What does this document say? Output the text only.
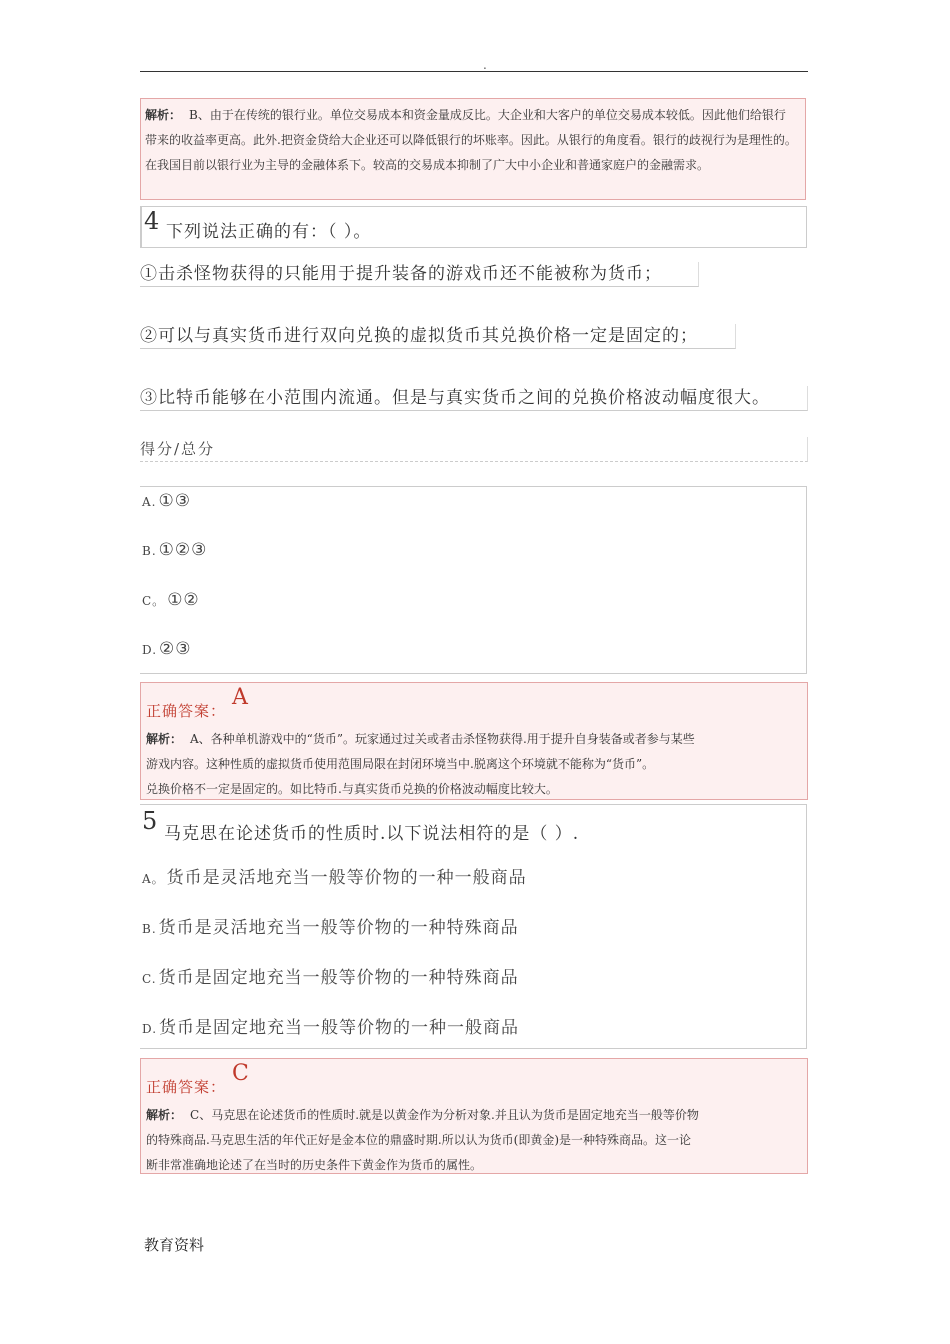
.
解析： B、由于在传统的银行业。单位交易成本和资金量成反比。大企业和大客户的单位交易成本较低。因此他们给银行带来的收益率更高。此外.把资金贷给大企业还可以降低银行的坏账率。因此。从银行的角度看。银行的歧视行为是理性的。在我国目前以银行业为主导的金融体系下。较高的交易成本抑制了广大中小企业和普通家庭户的金融需求。
4 下列说法正确的有：（ ）。
①击杀怪物获得的只能用于提升装备的游戏币还不能被称为货币；
②可以与真实货币进行双向兑换的虚拟货币其兑换价格一定是固定的；
③比特币能够在小范围内流通。但是与真实货币之间的兑换价格波动幅度很大。
得分/总分
A. ①③
B. ①②③
C。 ①②
D. ②③
正确答案：
A
解析： A、各种单机游戏中的“货币”。玩家通过过关或者击杀怪物获得.用于提升自身装备或者参与某些
游戏内容。这种性质的虚拟货币使用范围局限在封闭环境当中.脱离这个环境就不能称为“货币”。
兑换价格不一定是固定的。如比特币.与真实货币兑换的价格波动幅度比较大。
5 马克思在论述货币的性质时.以下说法相符的是（ ）.
A。 货币是灵活地充当一般等价物的一种一般商品
B. 货币是灵活地充当一般等价物的一种特殊商品
C. 货币是固定地充当一般等价物的一种特殊商品
D. 货币是固定地充当一般等价物的一种一般商品
正确答案：
C
解析： C、马克思在论述货币的性质时.就是以黄金作为分析对象.并且认为货币是固定地充当一般等价物
的特殊商品.马克思生活的年代正好是金本位的鼎盛时期.所以认为货币(即黄金)是一种特殊商品。这一论
断非常准确地论述了在当时的历史条件下黄金作为货币的属性。
教育资料
